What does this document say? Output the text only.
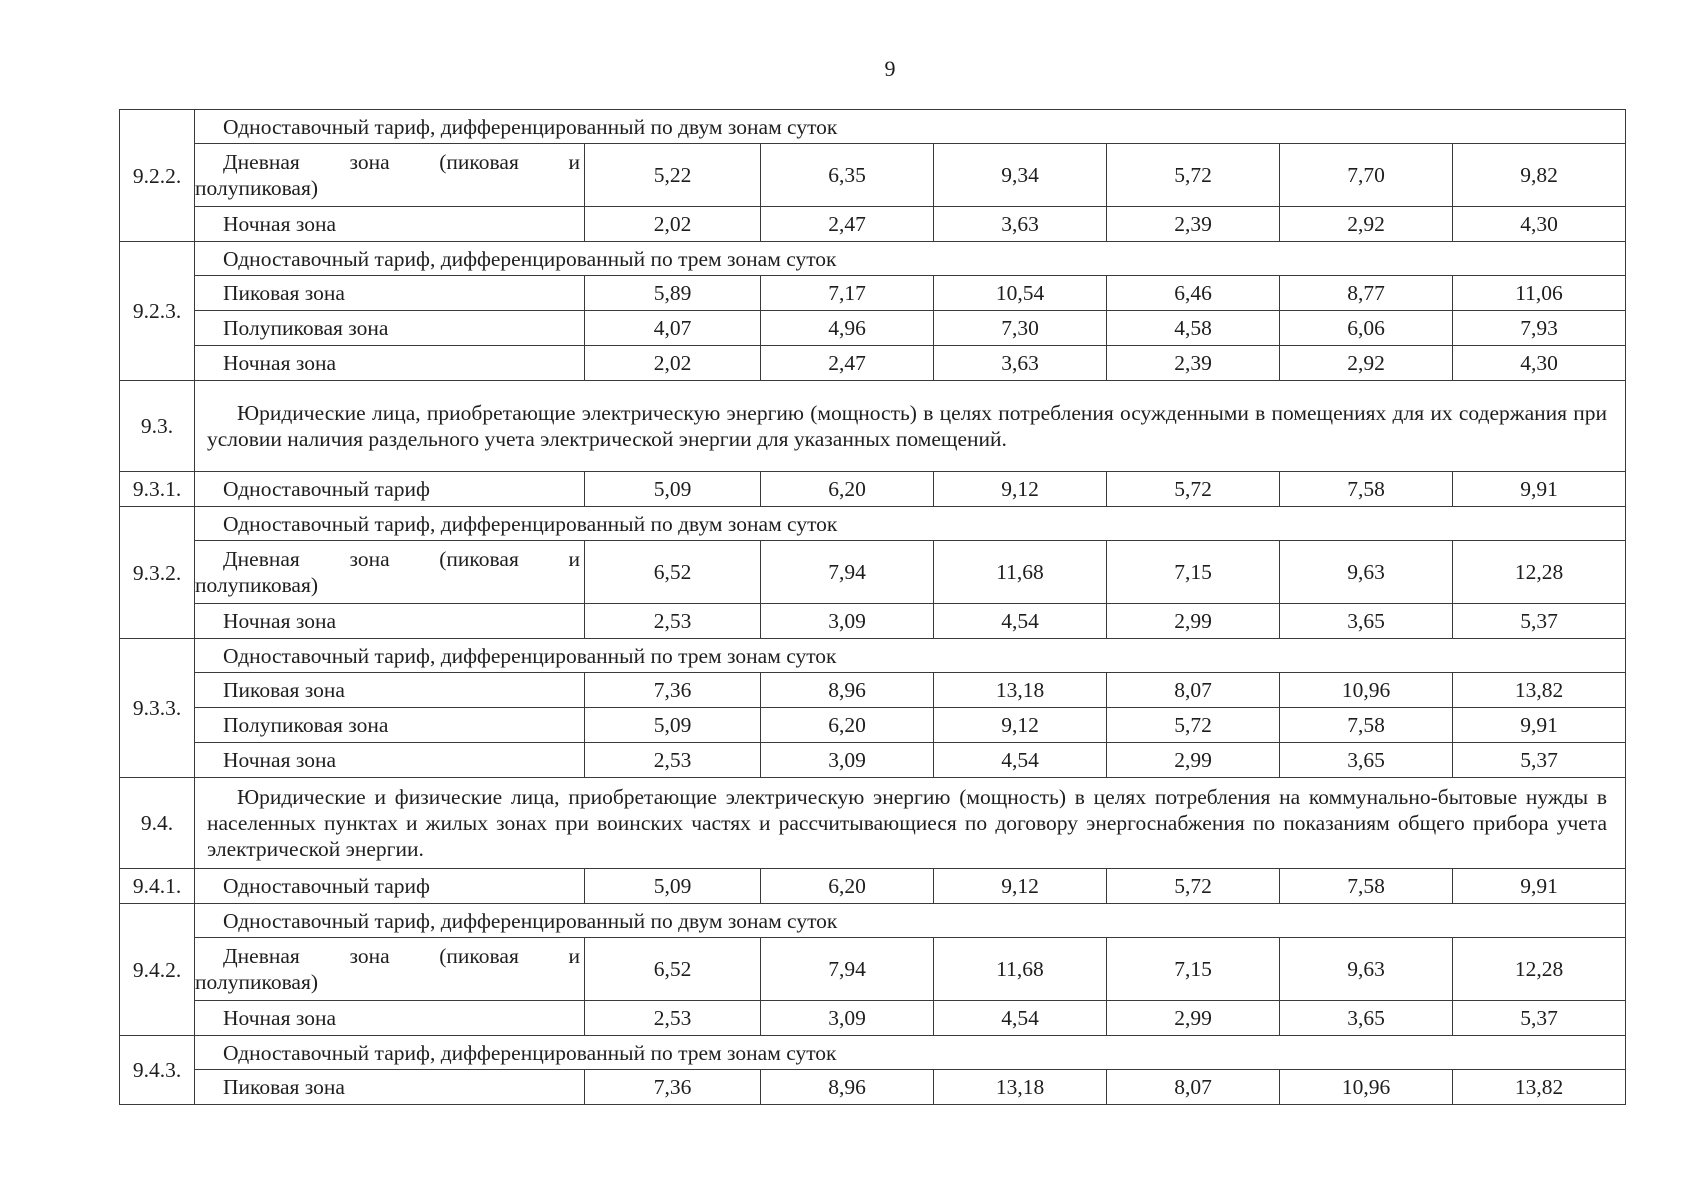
9
9.2.2.	Одноставочный тариф, дифференцированный по двум зонам суток						

	Дневная зона (пиковая и
полупиковая)	5,22	6,35	9,34	5,72	7,70	9,82
	Ночная зона	2,02	2,47	3,63	2,39	2,92	4,30
9.2.3.	Одноставочный тариф, дифференцированный по трем зонам суток						
	Пиковая зона	5,89	7,17	10,54	6,46	8,77	11,06
	Полупиковая зона	4,07	4,96	7,30	4,58	6,06	7,93
	Ночная зона	2,02	2,47	3,63	2,39	2,92	4,30
9.3.	Юридические лица, приобретающие электрическую энергию (мощность) в целях потребления осужденными в помещениях для их содержания при условии наличия раздельного учета электрической энергии для указанных помещений.						

9.3.1.	Одноставочный тариф	5,09	6,20	9,12	5,72	7,58	9,91
9.3.2.	Одноставочный тариф, дифференцированный по двум зонам суток						

	Дневная зона (пиковая и
полупиковая)	6,52	7,94	11,68	7,15	9,63	12,28
	Ночная зона	2,53	3,09	4,54	2,99	3,65	5,37
9.3.3.	Одноставочный тариф, дифференцированный по трем зонам суток						
	Пиковая зона	7,36	8,96	13,18	8,07	10,96	13,82
	Полупиковая зона	5,09	6,20	9,12	5,72	7,58	9,91
	Ночная зона	2,53	3,09	4,54	2,99	3,65	5,37
9.4.	Юридические и физические лица, приобретающие электрическую энергию (мощность) в целях потребления на коммунально-бытовые нужды в населенных пунктах и жилых зонах при воинских частях и рассчитывающиеся по договору энергоснабжения по показаниям общего прибора учета электрической энергии.						

9.4.1.	Одноставочный тариф	5,09	6,20	9,12	5,72	7,58	9,91
9.4.2.	Одноставочный тариф, дифференцированный по двум зонам суток						

	Дневная зона (пиковая и
полупиковая)	6,52	7,94	11,68	7,15	9,63	12,28
	Ночная зона	2,53	3,09	4,54	2,99	3,65	5,37
9.4.3.	Одноставочный тариф, дифференцированный по трем зонам суток						
	Пиковая зона	7,36	8,96	13,18	8,07	10,96	13,82
